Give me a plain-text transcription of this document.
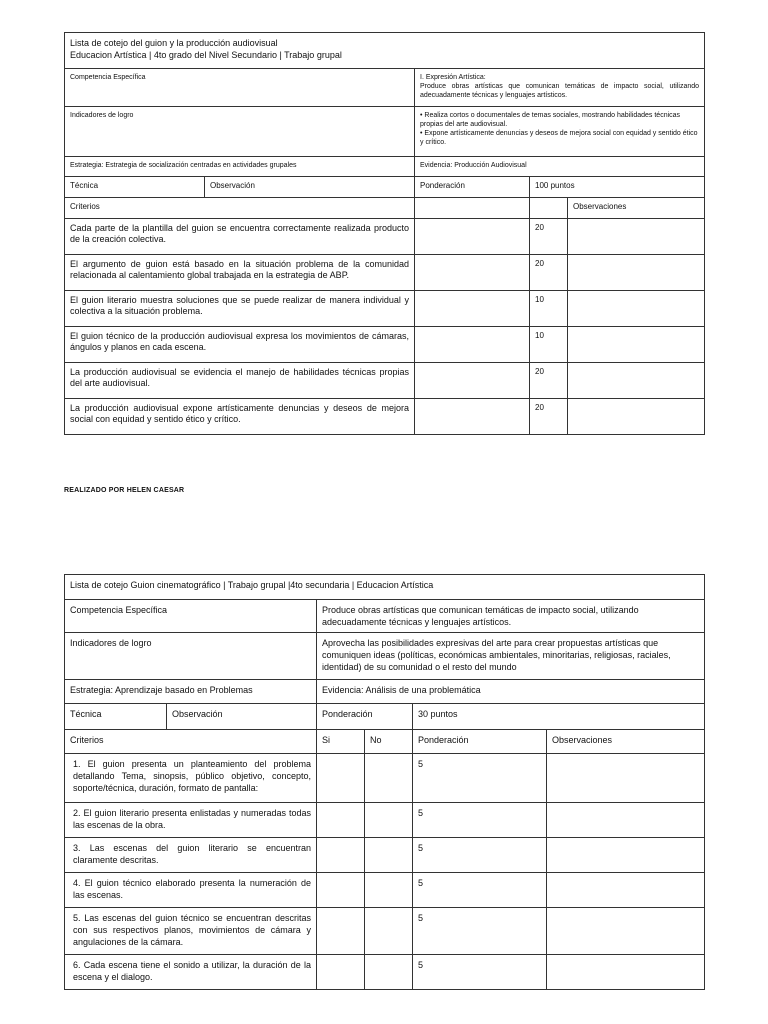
Lista de cotejo del guion y la producción audiovisual
Educacion Artística | 4to grado del Nivel Secundario | Trabajo grupal				

Competencia Específica		I. Expresión Artística:
Produce obras artísticas que comunican temáticas de impacto social, utilizando adecuadamente técnicas y lenguajes artísticos.		

Indicadores de logro		• Realiza cortos o documentales de temas sociales, mostrando habilidades técnicas propias del arte audiovisual.
• Expone artísticamente denuncias y deseos de mejora social con equidad y sentido ético y crítico.		

Estrategia: Estrategia de socialización centradas en actividades grupales		Evidencia: Producción Audiovisual		
Técnica	Observación	Ponderación	100 puntos	
Criterios				Observaciones
Cada parte de la plantilla del guion se encuentra correctamente realizada producto de la creación colectiva.			20	
El argumento de guion está basado en la situación problema de la comunidad relacionada al calentamiento global trabajada en la estrategia de ABP.			20	
El guion literario muestra soluciones que se puede realizar de manera individual y colectiva a la situación problema.			10	
El guion técnico de la producción audiovisual expresa los movimientos de cámaras, ángulos y planos en cada escena.			10	
La producción audiovisual se evidencia el manejo de habilidades técnicas propias del arte audiovisual.			20	
La producción audiovisual expone artísticamente denuncias y deseos de mejora social con equidad y sentido ético y crítico.			20	
REALIZADO POR HELEN CAESAR
Lista de cotejo Guion cinematográfico | Trabajo grupal |4to secundaria | Educacion Artística					
Competencia Específica		Produce obras artísticas que comunican temáticas de impacto social, utilizando adecuadamente técnicas y lenguajes artísticos.			
Indicadores de logro		Aprovecha las posibilidades expresivas del arte para crear propuestas artísticas que comuniquen ideas (políticas, económicas ambientales, minoritarias, religiosas, raciales, identidad) de su comunidad o el resto del mundo			
Estrategia: Aprendizaje basado en Problemas		Evidencia: Análisis de una problemática			
Técnica	Observación	Ponderación		30 puntos	
Criterios		Si	No	Ponderación	Observaciones
1. El guion presenta un planteamiento del problema detallando Tema, sinopsis, público objetivo, concepto, soporte/técnica, duración, formato de pantalla:				5	
2. El guion literario presenta enlistadas y numeradas todas las escenas de la obra.				5	
3. Las escenas del guion literario se encuentran claramente descritas.				5	
4. El guion técnico elaborado presenta la numeración de las escenas.				5	
5. Las escenas del guion técnico se encuentran descritas con sus respectivos planos, movimientos de cámara y angulaciones de la cámara.				5	
6. Cada escena tiene el sonido a utilizar, la duración de la escena y el dialogo.				5	
